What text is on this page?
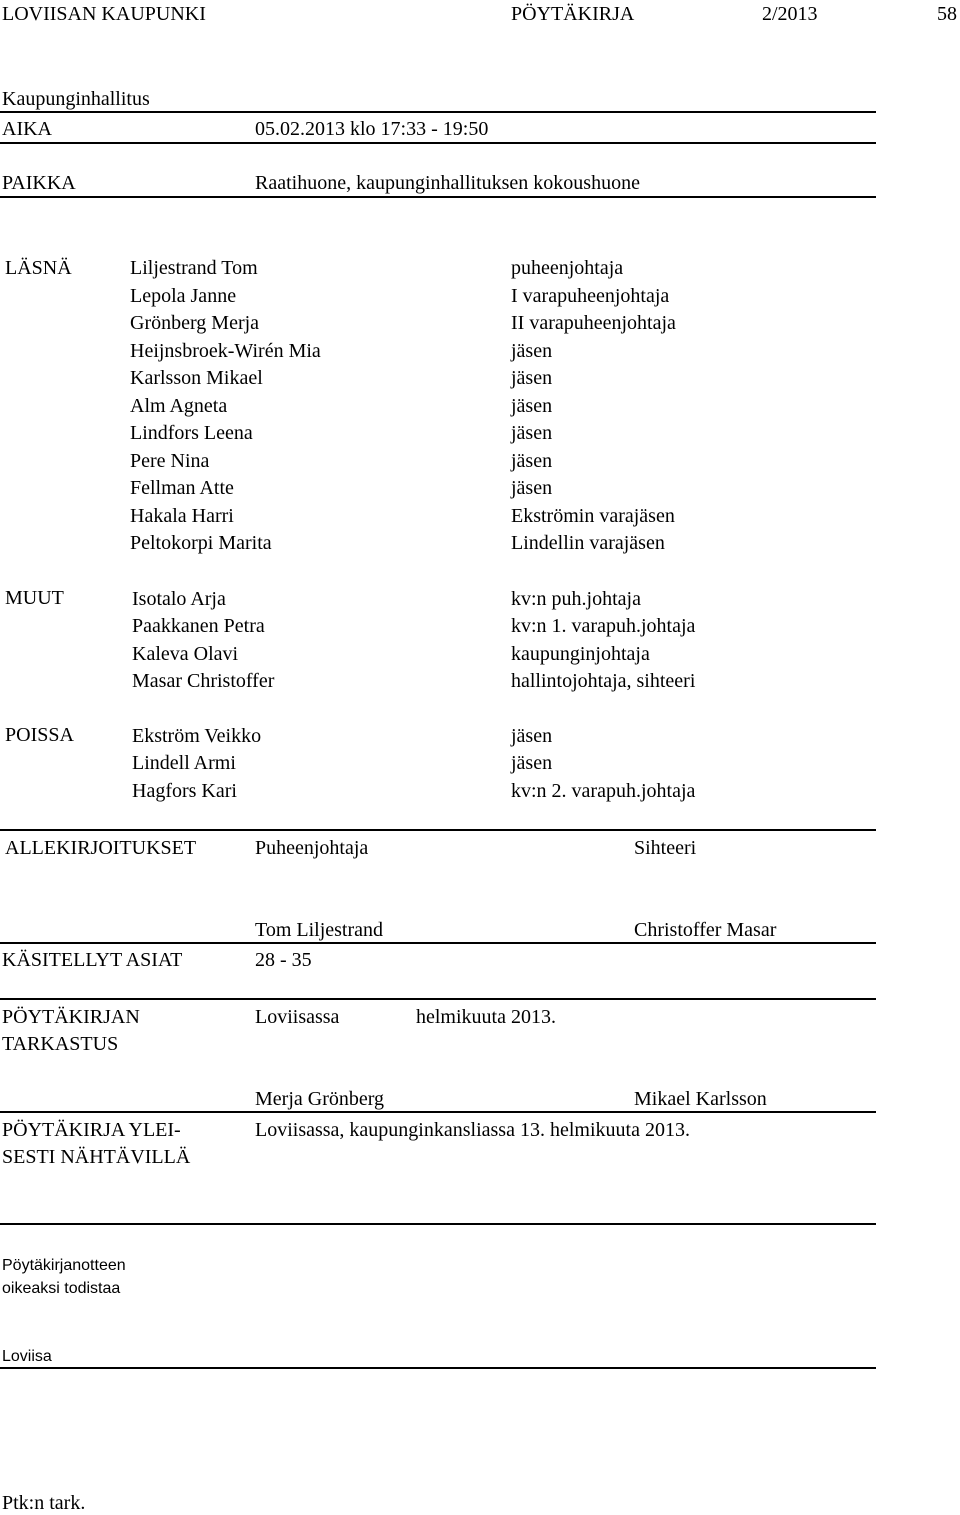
LOVIISAN KAUPUNKI	PÖYTÄKIRJA	2/2013	58
Kaupunginhallitus
AIKA	05.02.2013 klo 17:33 - 19:50
PAIKKA	Raatihuone, kaupunginhallituksen kokoushuone
LÄSNÄ	Liljestrand Tom	puheenjohtaja
Lepola Janne	I varapuheenjohtaja
Grönberg Merja	II varapuheenjohtaja
Heijnsbroek-Wirén Mia	jäsen
Karlsson Mikael	jäsen
Alm Agneta	jäsen
Lindfors Leena	jäsen
Pere Nina	jäsen
Fellman Atte	jäsen
Hakala Harri	Ekströmin varajäsen
Peltokorpi Marita	Lindellin varajäsen
MUUT	Isotalo Arja	kv:n puh.johtaja
Paakkanen Petra	kv:n 1. varapuh.johtaja
Kaleva Olavi	kaupunginjohtaja
Masar Christoffer	hallintojohtaja, sihteeri
POISSA	Ekström Veikko	jäsen
Lindell Armi	jäsen
Hagfors Kari	kv:n 2. varapuh.johtaja
ALLEKIRJOITUKSET	Puheenjohtaja	Sihteeri
Tom Liljestrand	Christoffer Masar
KÄSITELLYT ASIAT	28 - 35
PÖYTÄKIRJAN
TARKASTUS
Loviisassa	helmikuuta 2013.
Merja Grönberg	Mikael Karlsson
PÖYTÄKIRJA YLEI-
SESTI NÄHTÄVILLÄ
Loviisassa, kaupunginkansliassa 13. helmikuuta 2013.
Pöytäkirjanotteen
oikeaksi todistaa
Loviisa
Ptk:n tark.
